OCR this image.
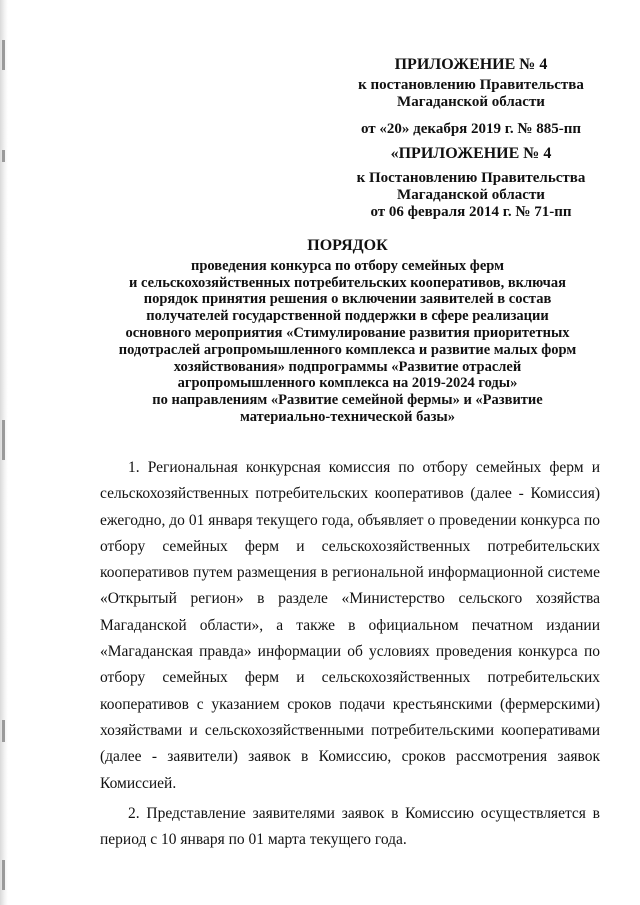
ПРИЛОЖЕНИЕ № 4
к постановлению Правительства
Магаданской области
от «20» декабря 2019 г. № 885-пп
«ПРИЛОЖЕНИЕ № 4
к Постановлению Правительства
Магаданской области
от 06 февраля 2014 г. № 71-пп
ПОРЯДОК
проведения конкурса по отбору семейных ферм
и сельскохозяйственных потребительских кооперативов, включая
порядок принятия решения о включении заявителей в состав
получателей государственной поддержки в сфере реализации
основного мероприятия «Стимулирование развития приоритетных
подотраслей агропромышленного комплекса и развитие малых форм
хозяйствования» подпрограммы «Развитие отраслей
агропромышленного комплекса на 2019-2024 годы»
по направлениям «Развитие семейной фермы» и «Развитие
материально-технической базы»

1. Региональная конкурсная комиссия по отбору семейных ферм и сельскохозяйственных потребительских кооперативов (далее - Комиссия) ежегодно, до 01 января текущего года, объявляет о проведении конкурса по отбору семейных ферм и сельскохозяйственных потребительских кооперативов путем размещения в региональной информационной системе «Открытый регион» в разделе «Министерство сельского хозяйства Магаданской области», а также в официальном печатном издании «Магаданская правда» информации об условиях проведения конкурса по отбору семейных ферм и сельскохозяйственных потребительских кооперативов с указанием сроков подачи крестьянскими (фермерскими) хозяйствами и сельскохозяйственными потребительскими кооперативами (далее - заявители) заявок в Комиссию, сроков рассмотрения заявок Комиссией.

2. Представление заявителями заявок в Комиссию осуществляется в период с 10 января по 01 марта текущего года.
